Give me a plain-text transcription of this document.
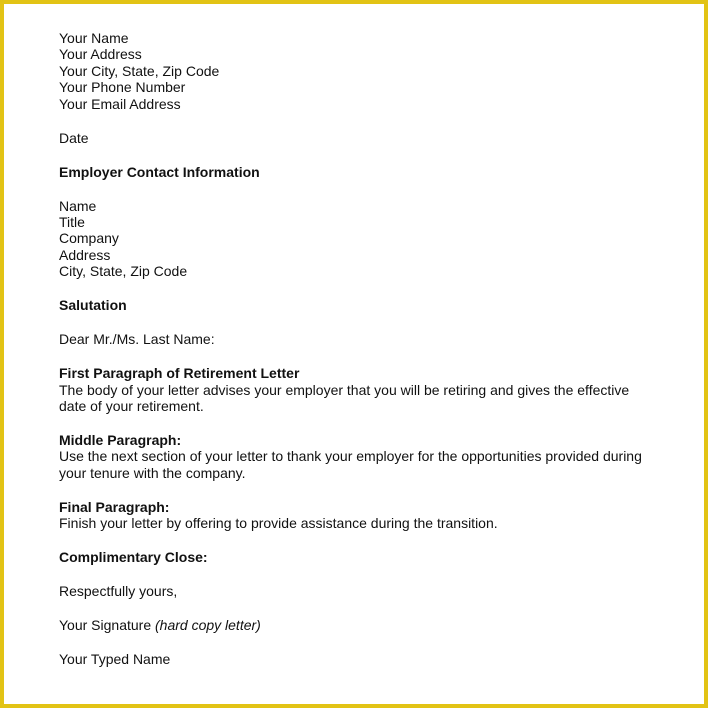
Your Name

Your Address

Your City, State, Zip Code

Your Phone Number

Your Email Address

Date

Employer Contact Information

Name

Title

Company

Address

City, State, Zip Code

Salutation

Dear Mr./Ms. Last Name:

First Paragraph of Retirement Letter

The body of your letter advises your employer that you will be retiring and gives the effective

date of your retirement.

Middle Paragraph:

Use the next section of your letter to thank your employer for the opportunities provided during

your tenure with the company.

Final Paragraph:

Finish your letter by offering to provide assistance during the transition.

Complimentary Close:

Respectfully yours,

Your Signature (hard copy letter)

Your Typed Name
